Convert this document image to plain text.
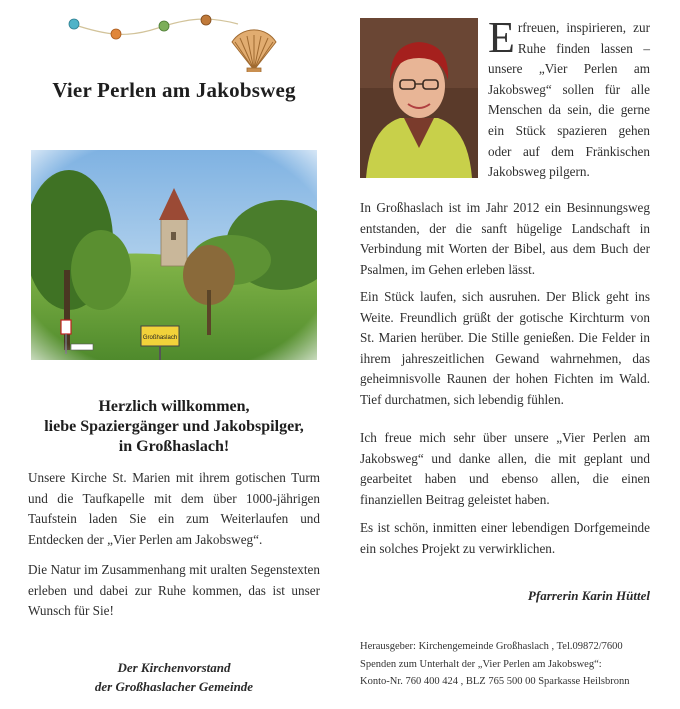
Vier Perlen am Jakobsweg
Herzlich willkommen,
liebe Spaziergänger und Jakobspilger,
in Großhaslach!

Unsere Kirche St. Marien mit ihrem gotischen Turm und die Taufkapelle mit dem über 1000-jährigen Taufstein laden Sie ein zum Weiterlaufen und Entdecken der „Vier Perlen am Jakobsweg“.

Die Natur im Zusammenhang mit uralten Segenstexten erleben und dabei zur Ruhe kommen, das ist unser Wunsch für Sie!

Der Kirchenvorstand
der Großhaslacher Gemeinde

Erfreuen, inspirieren, zur Ruhe finden lassen – unsere „Vier Perlen am Jakobsweg“ sollen für alle Menschen da sein, die gerne ein Stück spazieren gehen oder auf dem Fränkischen Jakobsweg pilgern.

In Großhaslach ist im Jahr 2012 ein Besinnungsweg entstanden, der die sanft hügelige Landschaft in Verbindung mit Worten der Bibel, aus dem Buch der Psalmen, im Gehen erleben lässt.

Ein Stück laufen, sich ausruhen. Der Blick geht ins Weite. Freundlich grüßt der gotische Kirchturm von St. Marien herüber. Die Stille genießen. Die Felder in ihrem jahreszeitlichen Gewand wahrnehmen, das geheimnisvolle Raunen der hohen Fichten im Wald. Tief durchatmen, sich lebendig fühlen.

Ich freue mich sehr über unsere „Vier Perlen am Jakobsweg“ und danke allen, die mit geplant und gearbeitet haben und ebenso allen, die einen finanziellen Beitrag geleistet haben.

Es ist schön, inmitten einer lebendigen Dorfgemeinde ein solches Projekt zu verwirklichen.

Pfarrerin Karin Hüttel
Herausgeber: Kirchengemeinde Großhaslach , Tel.09872/7600
Spenden zum Unterhalt der „Vier Perlen am Jakobsweg“:
Konto-Nr. 760 400 424 , BLZ 765 500 00 Sparkasse Heilsbronn
